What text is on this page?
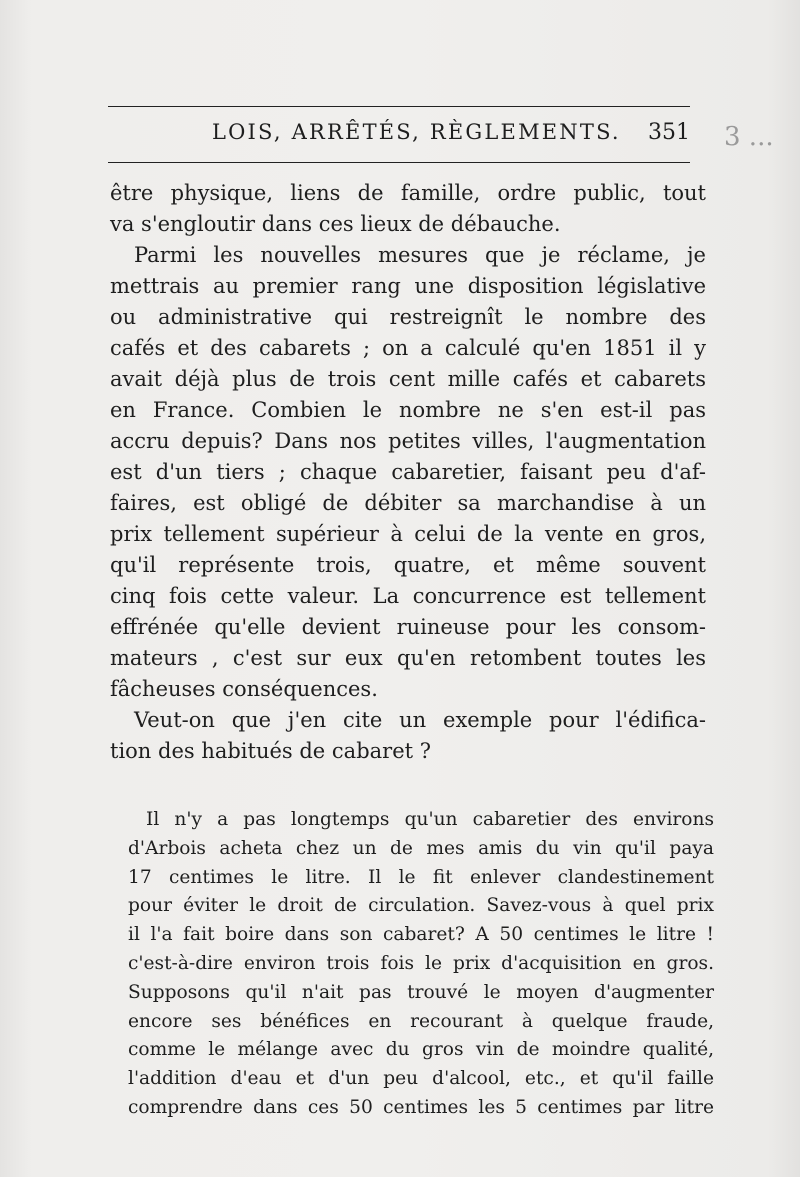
LOIS, ARRÊTÉS, RÈGLEMENTS. 351 3 ...
être physique, liens de famille, ordre public, tout
va s'engloutir dans ces lieux de débauche.
Parmi les nouvelles mesures que je réclame, je
mettrais au premier rang une disposition législative
ou administrative qui restreignît le nombre des
cafés et des cabarets ; on a calculé qu'en 1851 il y
avait déjà plus de trois cent mille cafés et cabarets
en France. Combien le nombre ne s'en est-il pas
accru depuis? Dans nos petites villes, l'augmentation
est d'un tiers ; chaque cabaretier, faisant peu d'af-
faires, est obligé de débiter sa marchandise à un
prix tellement supérieur à celui de la vente en gros,
qu'il représente trois, quatre, et même souvent
cinq fois cette valeur. La concurrence est tellement
effrénée qu'elle devient ruineuse pour les consom-
mateurs , c'est sur eux qu'en retombent toutes les
fâcheuses conséquences.
Veut-on que j'en cite un exemple pour l'édifica-
tion des habitués de cabaret ?
Il n'y a pas longtemps qu'un cabaretier des environs
d'Arbois acheta chez un de mes amis du vin qu'il paya
17 centimes le litre. Il le fit enlever clandestinement
pour éviter le droit de circulation. Savez-vous à quel prix
il l'a fait boire dans son cabaret? A 50 centimes le litre !
c'est-à-dire environ trois fois le prix d'acquisition en gros.
Supposons qu'il n'ait pas trouvé le moyen d'augmenter
encore ses bénéfices en recourant à quelque fraude,
comme le mélange avec du gros vin de moindre qualité,
l'addition d'eau et d'un peu d'alcool, etc., et qu'il faille
comprendre dans ces 50 centimes les 5 centimes par litre
